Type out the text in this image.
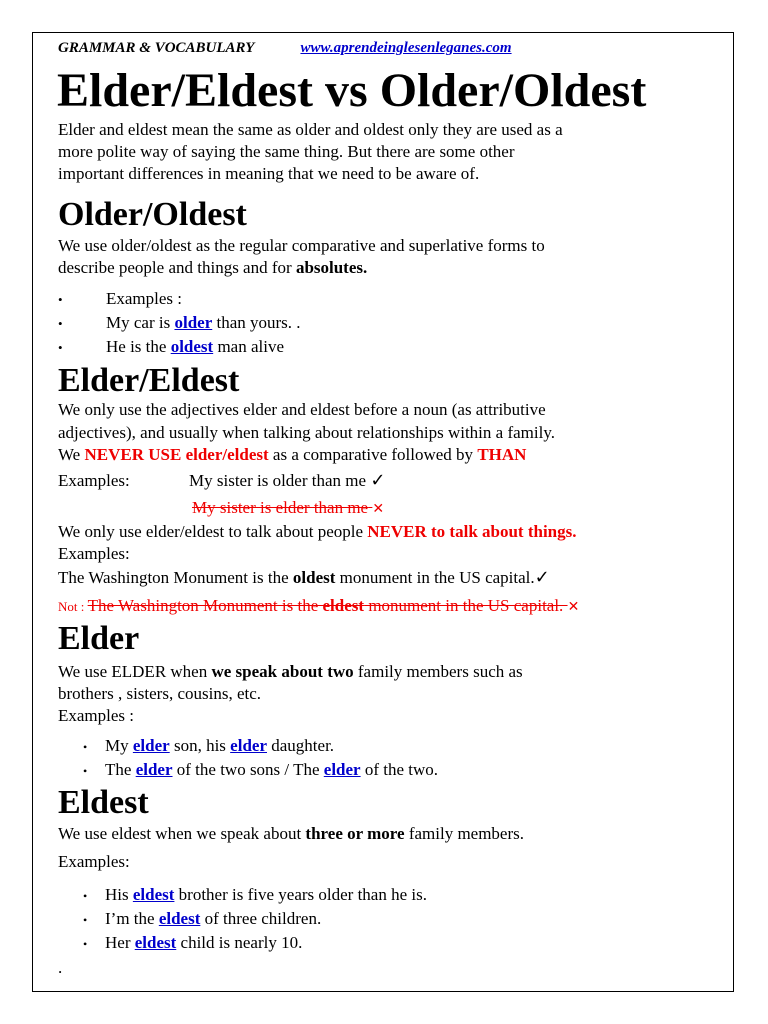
GRAMMAR & VOCABULARY	www.aprendeinglesenleganes.com
Elder/Eldest vs Older/Oldest
Elder and eldest mean the same as older and oldest only they are used as a
more polite way of saying the same thing. But there are some other
important differences in meaning that we need to be aware of.
Older/Oldest
We use older/oldest as the regular comparative and superlative forms to
describe people and things and for absolutes.
•	Examples :
•	My car is older than yours. .
•	He is the oldest man alive
Elder/Eldest
We only use the adjectives elder and eldest before a noun (as attributive
adjectives), and usually when talking about relationships within a family.
We NEVER USE elder/eldest as a comparative followed by THAN
Examples:	My sister is older than me ✓
My sister is elder than me ✕
We only use elder/eldest to talk about people NEVER to talk about things.
Examples:
The Washington Monument is the oldest monument in the US capital.✓
Not : The Washington Monument is the eldest monument in the US capital. ✕
Elder
We use ELDER when we speak about two family members such as
brothers , sisters, cousins, etc.
Examples :
• My elder son, his elder daughter.
• The elder of the two sons / The elder of the two.
Eldest
We use eldest when we speak about three or more family members.
Examples:
• His eldest brother is five years older than he is.
• I’m the eldest of three children.
• Her eldest child is nearly 10.
.
